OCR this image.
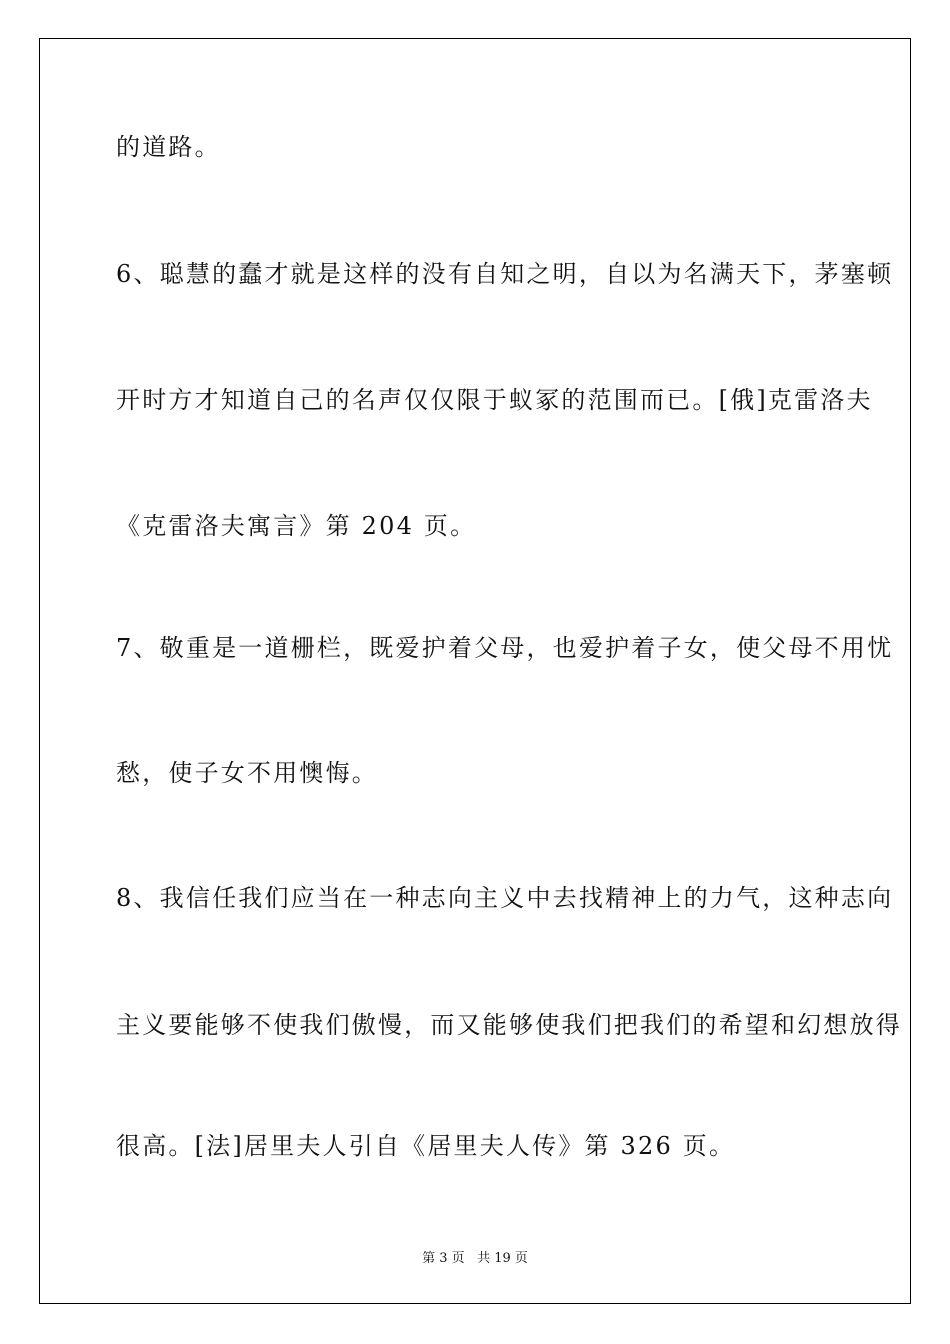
的道路。
6、聪慧的蠢才就是这样的没有自知之明，自以为名满天下，茅塞顿
开时方才知道自己的名声仅仅限于蚁冢的范围而已。[俄]克雷洛夫
《克雷洛夫寓言》第 204 页。
7、敬重是一道栅栏，既爱护着父母，也爱护着子女，使父母不用忧
愁，使子女不用懊悔。
8、我信任我们应当在一种志向主义中去找精神上的力气，这种志向
主义要能够不使我们傲慢，而又能够使我们把我们的希望和幻想放得
很高。[法]居里夫人引自《居里夫人传》第 326 页。
第 3 页 共 19 页
